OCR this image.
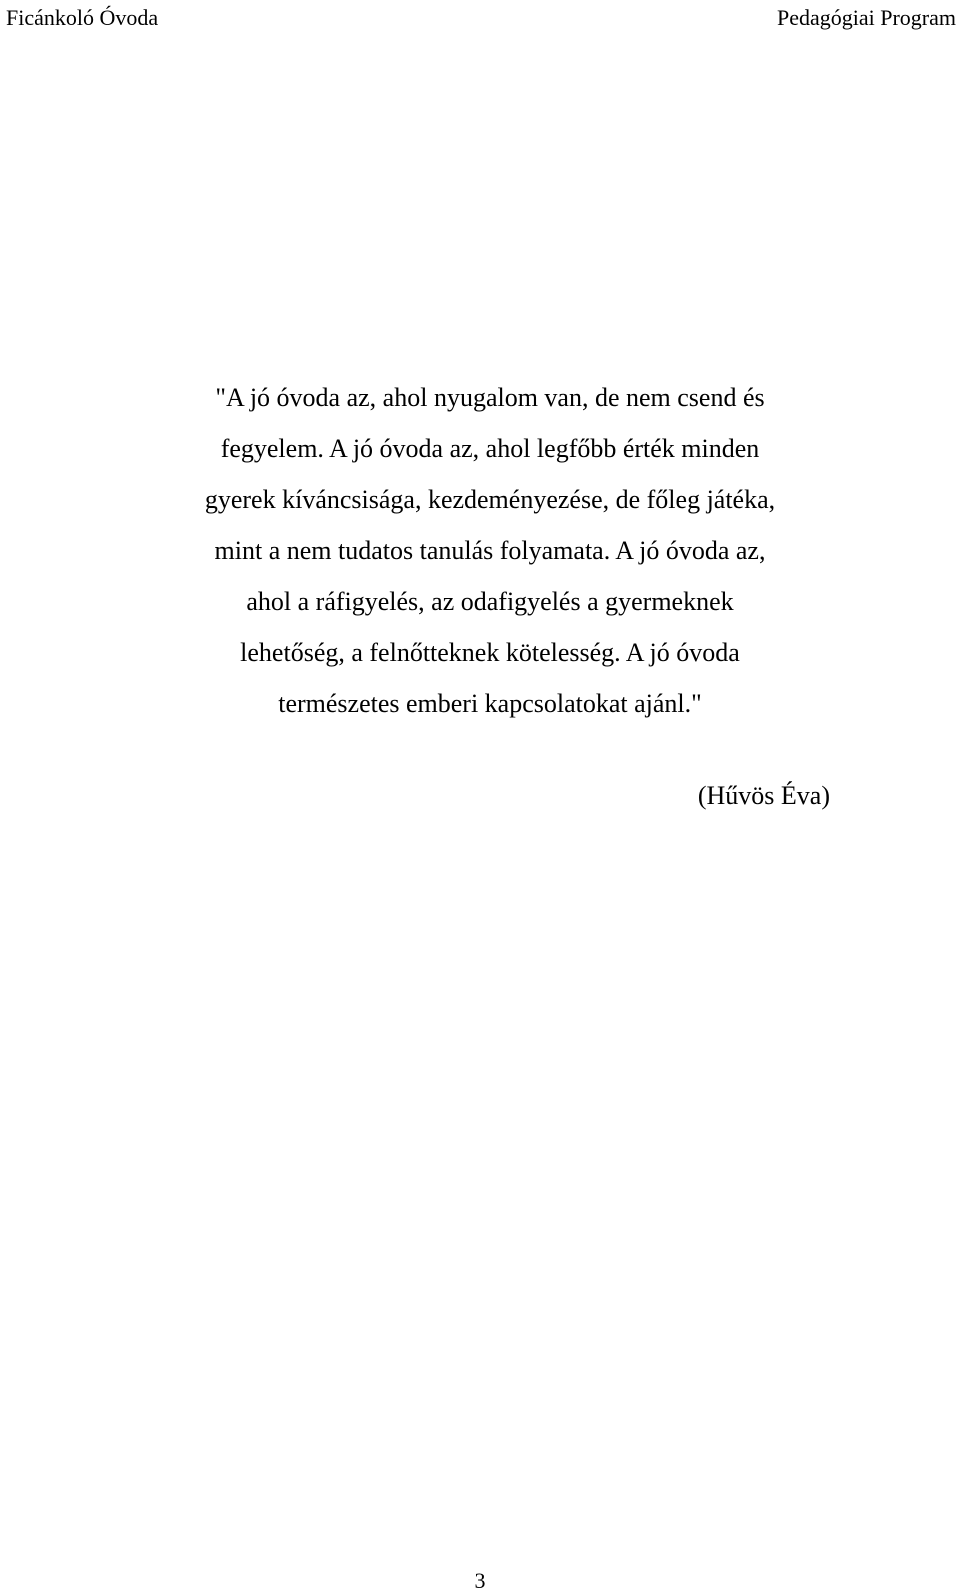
Ficánkoló Óvoda	Pedagógiai Program
"A jó óvoda az, ahol nyugalom van, de nem csend és
fegyelem. A jó óvoda az, ahol legfőbb érték minden
gyerek kíváncsisága, kezdeményezése, de főleg játéka,
mint a nem tudatos tanulás folyamata. A jó óvoda az,
ahol a ráfigyelés, az odafigyelés a gyermeknek
lehetőség, a felnőtteknek kötelesség. A jó óvoda
természetes emberi kapcsolatokat ajánl."
(Hűvös Éva)
3
